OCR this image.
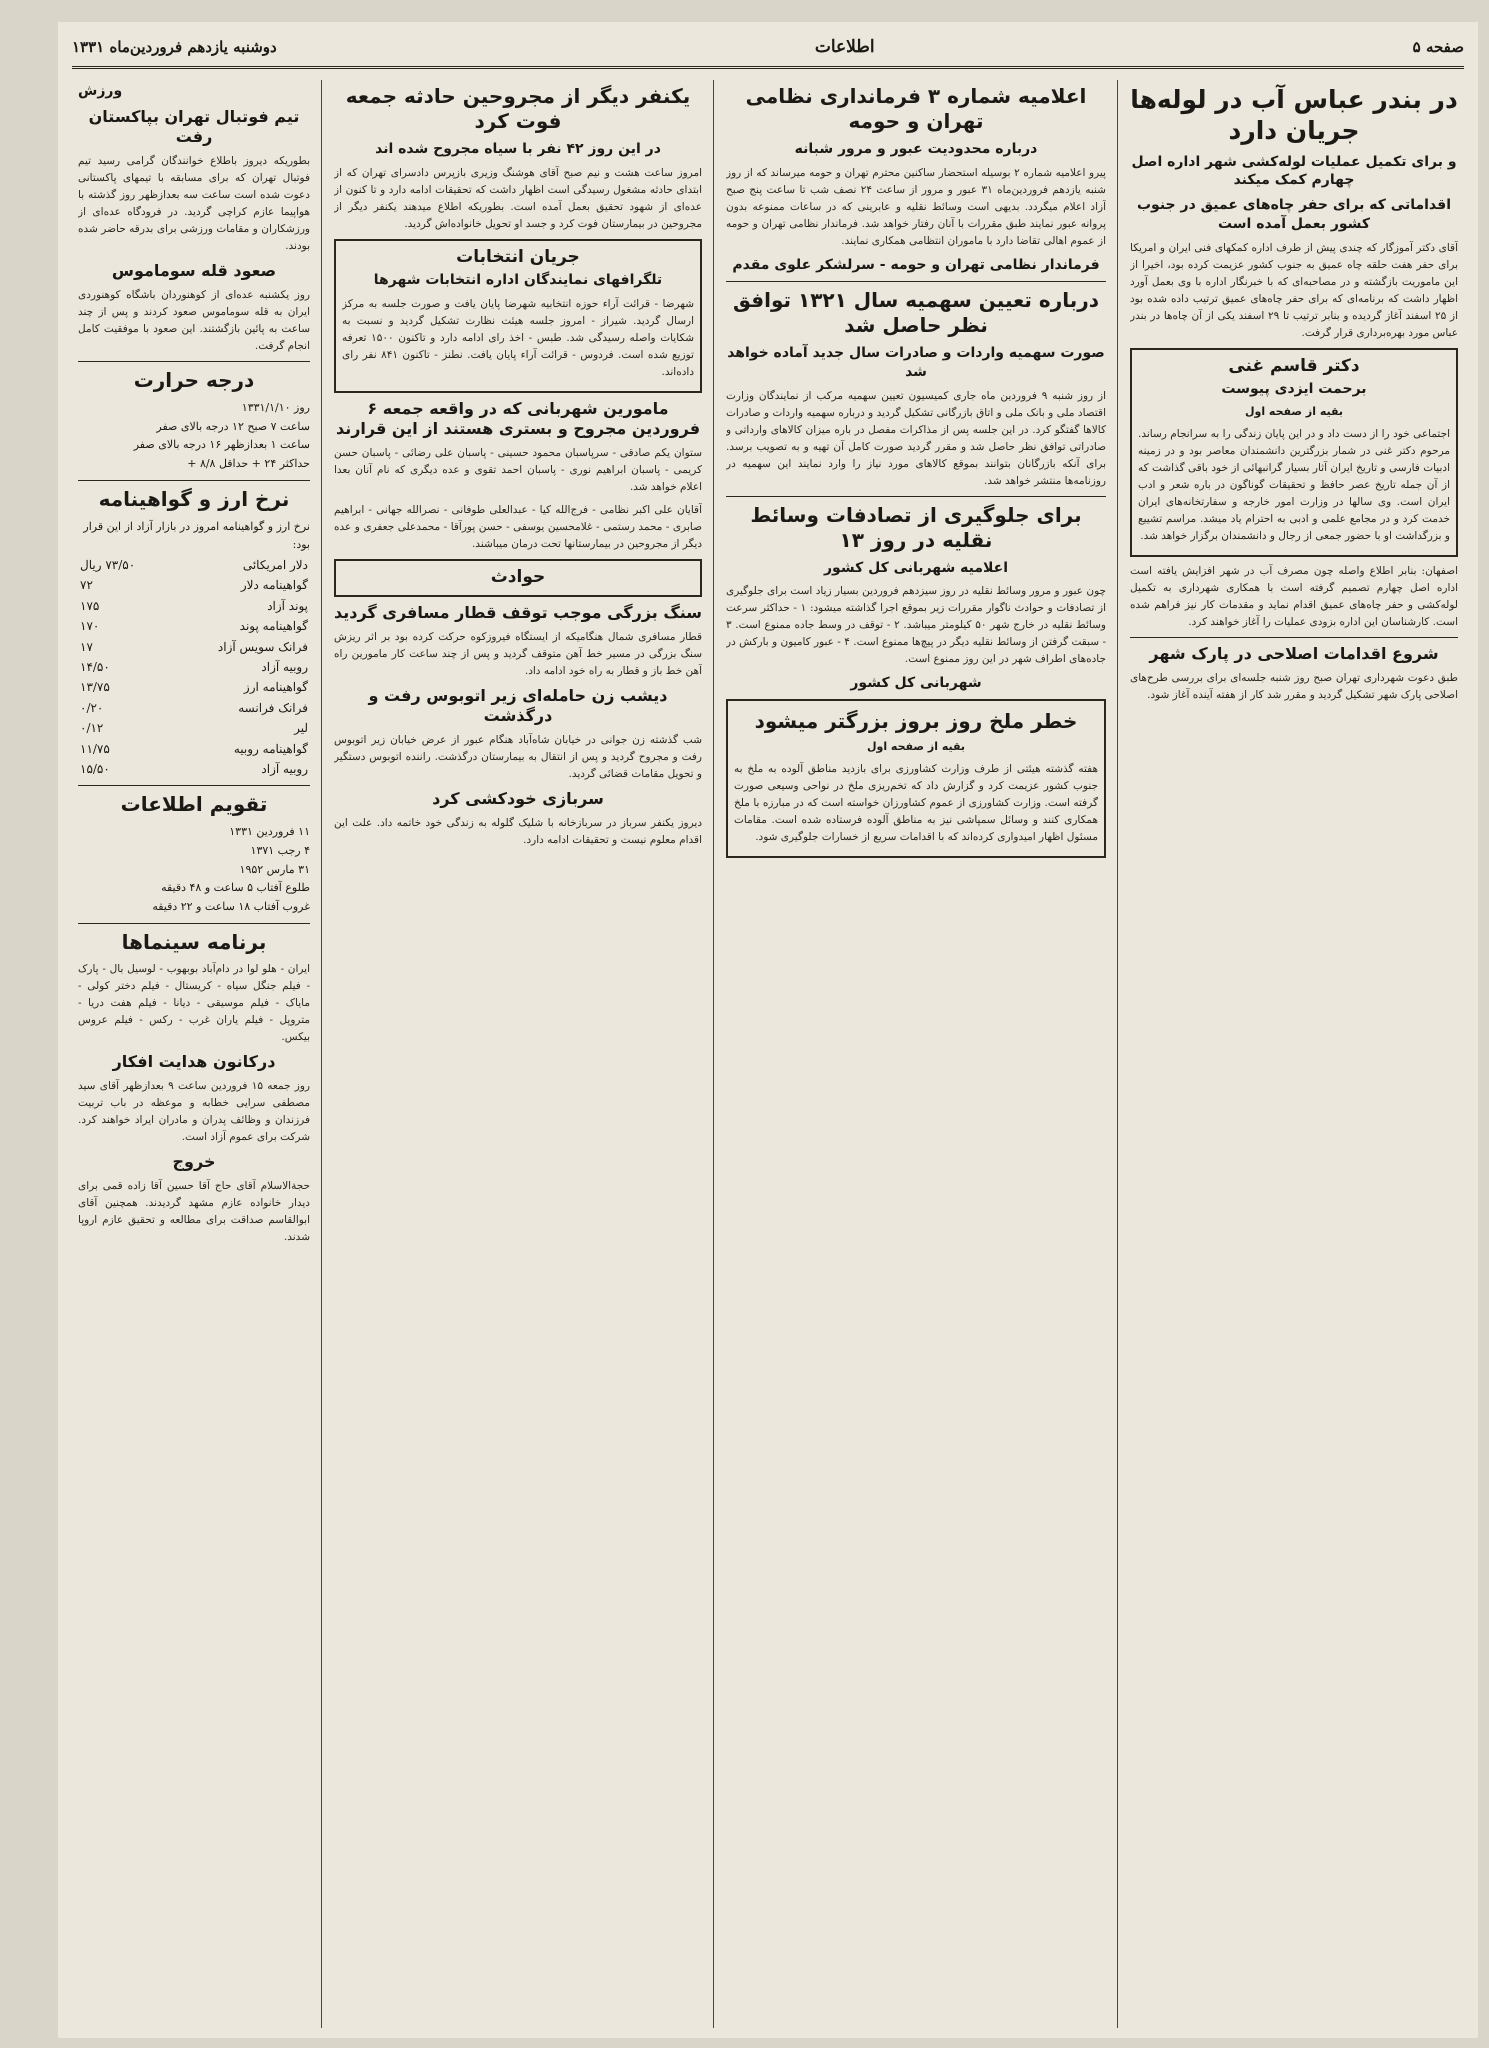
صفحه ۵
اطلاعات
دوشنبه یازدهم فروردین‌ماه ۱۳۳۱
در بندر عباس آب در لوله‌ها جریان دارد
و برای تکمیل عملیات لوله‌کشی شهر اداره اصل چهارم کمک میکند
اقداماتی که برای حفر چاه‌های عمیق در جنوب کشور بعمل آمده است

آقای دکتر آموزگار که چندی پیش از طرف اداره کمکهای فنی ایران و امریکا برای حفر هفت حلقه چاه عمیق به جنوب کشور عزیمت کرده بود، اخیرا از این ماموریت بازگشته و در مصاحبه‌ای که با خبرنگار اداره با وی بعمل آورد اظهار داشت که برنامه‌ای که برای حفر چاه‌های عمیق ترتیب داده شده بود از ۲۵ اسفند آغاز گردیده و بنابر ترتیب تا ۲۹ اسفند یکی از آن چاه‌ها در بندر عباس مورد بهره‌برداری قرار گرفت.

دکتر قاسم غنی
برحمت ایزدی پیوست
بقیه از صفحه اول

اجتماعی خود را از دست داد و در این پایان زندگی را به سرانجام رساند. مرحوم دکتر غنی در شمار بزرگترین دانشمندان معاصر بود و در زمینه ادبیات فارسی و تاریخ ایران آثار بسیار گرانبهائی از خود باقی گذاشت که از آن جمله تاریخ عصر حافظ و تحقیقات گوناگون در باره شعر و ادب ایران است. وی سالها در وزارت امور خارجه و سفارتخانه‌های ایران خدمت کرد و در مجامع علمی و ادبی به احترام یاد میشد. مراسم تشییع و بزرگداشت او با حضور جمعی از رجال و دانشمندان برگزار خواهد شد.

اصفهان: بنابر اطلاع واصله چون مصرف آب در شهر افزایش یافته است اداره اصل چهارم تصمیم گرفته است با همکاری شهرداری به تکمیل لوله‌کشی و حفر چاه‌های عمیق اقدام نماید و مقدمات کار نیز فراهم شده است. کارشناسان این اداره بزودی عملیات را آغاز خواهند کرد.

شروع اقدامات اصلاحی در پارک شهر

طبق دعوت شهرداری تهران صبح روز شنبه جلسه‌ای برای بررسی طرح‌های اصلاحی پارک شهر تشکیل گردید و مقرر شد کار از هفته آینده آغاز شود.

اعلامیه شماره ۳ فرمانداری نظامی تهران و حومه
درباره محدودیت عبور و مرور شبانه

پیرو اعلامیه شماره ۲ بوسیله استحضار ساکنین محترم تهران و حومه میرساند که از روز شنبه یازدهم فروردین‌ماه ۳۱ عبور و مرور از ساعت ۲۴ نصف شب تا ساعت پنج صبح آزاد اعلام میگردد. بدیهی است وسائط نقلیه و عابرینی که در ساعات ممنوعه بدون پروانه عبور نمایند طبق مقررات با آنان رفتار خواهد شد. فرماندار نظامی تهران و حومه از عموم اهالی تقاضا دارد با ماموران انتظامی همکاری نمایند.

فرماندار نظامی تهران و حومه - سرلشکر علوی مقدم
درباره تعیین سهمیه سال ۱۳۲۱ توافق نظر حاصل شد
صورت سهمیه واردات و صادرات سال جدید آماده خواهد شد

از روز شنبه ۹ فروردین ماه جاری کمیسیون تعیین سهمیه مرکب از نمایندگان وزارت اقتصاد ملی و بانک ملی و اتاق بازرگانی تشکیل گردید و درباره سهمیه واردات و صادرات کالاها گفتگو کرد. در این جلسه پس از مذاکرات مفصل در باره میزان کالاهای وارداتی و صادراتی توافق نظر حاصل شد و مقرر گردید صورت کامل آن تهیه و به تصویب برسد. برای آنکه بازرگانان بتوانند بموقع کالاهای مورد نیاز را وارد نمایند این سهمیه در روزنامه‌ها منتشر خواهد شد.

برای جلوگیری از تصادفات وسائط نقلیه در روز ۱۳
اعلامیه شهربانی کل کشور

چون عبور و مرور وسائط نقلیه در روز سیزدهم فروردین بسیار زیاد است برای جلوگیری از تصادفات و حوادث ناگوار مقررات زیر بموقع اجرا گذاشته میشود: ۱ - حداکثر سرعت وسائط نقلیه در خارج شهر ۵۰ کیلومتر میباشد. ۲ - توقف در وسط جاده ممنوع است. ۳ - سبقت گرفتن از وسائط نقلیه دیگر در پیچ‌ها ممنوع است. ۴ - عبور کامیون و بارکش در جاده‌های اطراف شهر در این روز ممنوع است.

شهربانی کل کشور
خطر ملخ روز بروز بزرگتر میشود
بقیه از صفحه اول

هفته گذشته هیئتی از طرف وزارت کشاورزی برای بازدید مناطق آلوده به ملخ به جنوب کشور عزیمت کرد و گزارش داد که تخم‌ریزی ملخ در نواحی وسیعی صورت گرفته است. وزارت کشاورزی از عموم کشاورزان خواسته است که در مبارزه با ملخ همکاری کنند و وسائل سمپاشی نیز به مناطق آلوده فرستاده شده است. مقامات مسئول اظهار امیدواری کرده‌اند که با اقدامات سریع از خسارات جلوگیری شود.

یکنفر دیگر از مجروحین حادثه جمعه فوت کرد
در این روز ۴۲ نفر با سیاه مجروح شده اند

امروز ساعت هشت و نیم صبح آقای هوشنگ وزیری بازپرس دادسرای تهران که از ابتدای حادثه مشغول رسیدگی است اظهار داشت که تحقیقات ادامه دارد و تا کنون از عده‌ای از شهود تحقیق بعمل آمده است. بطوریکه اطلاع میدهند یکنفر دیگر از مجروحین در بیمارستان فوت کرد و جسد او تحویل خانواده‌اش گردید.

جریان انتخابات
تلگرافهای نمایندگان اداره انتخابات شهرها

شهرضا - قرائت آراء حوزه انتخابیه شهرضا پایان یافت و صورت جلسه به مرکز ارسال گردید. شیراز - امروز جلسه هیئت نظارت تشکیل گردید و نسبت به شکایات واصله رسیدگی شد. طبس - اخذ رای ادامه دارد و تاکنون ۱۵۰۰ تعرفه توزیع شده است. فردوس - قرائت آراء پایان یافت. نطنز - تاکنون ۸۴۱ نفر رای داده‌اند.

مامورین شهربانی که در واقعه جمعه ۶ فروردین مجروح و بستری هستند از این قرارند

ستوان یکم صادقی - سرپاسبان محمود حسینی - پاسبان علی رضائی - پاسبان حسن کریمی - پاسبان ابراهیم نوری - پاسبان احمد تقوی و عده دیگری که نام آنان بعدا اعلام خواهد شد.

آقایان علی اکبر نظامی - فرج‌الله کیا - عبدالعلی طوفانی - نصرالله جهانی - ابراهیم صابری - محمد رستمی - غلامحسین یوسفی - حسن پورآقا - محمدعلی جعفری و عده دیگر از مجروحین در بیمارستانها تحت درمان میباشند.

حوادث
سنگ بزرگی موجب توقف قطار مسافری گردید

قطار مسافری شمال هنگامیکه از ایستگاه فیروزکوه حرکت کرده بود بر اثر ریزش سنگ بزرگی در مسیر خط آهن متوقف گردید و پس از چند ساعت کار مامورین راه آهن خط باز و قطار به راه خود ادامه داد.

دیشب زن حامله‌ای زیر اتوبوس رفت و درگذشت

شب گذشته زن جوانی در خیابان شاه‌آباد هنگام عبور از عرض خیابان زیر اتوبوس رفت و مجروح گردید و پس از انتقال به بیمارستان درگذشت. راننده اتوبوس دستگیر و تحویل مقامات قضائی گردید.

سربازی خودکشی کرد

دیروز یکنفر سرباز در سربازخانه با شلیک گلوله به زندگی خود خاتمه داد. علت این اقدام معلوم نیست و تحقیقات ادامه دارد.

ورزش
تیم فوتبال تهران بپاکستان رفت

بطوریکه دیروز باطلاع خوانندگان گرامی رسید تیم فوتبال تهران که برای مسابقه با تیمهای پاکستانی دعوت شده است ساعت سه بعدازظهر روز گذشته با هواپیما عازم کراچی گردید. در فرودگاه عده‌ای از ورزشکاران و مقامات ورزشی برای بدرقه حاضر شده بودند.

صعود قله سوماموس

روز یکشنبه عده‌ای از کوهنوردان باشگاه کوهنوردی ایران به قله سوماموس صعود کردند و پس از چند ساعت به پائین بازگشتند. این صعود با موفقیت کامل انجام گرفت.

درجه حرارت
روز ۱۳۳۱/۱/۱۰
ساعت ۷ صبح ۱۲ درجه بالای صفر
ساعت ۱ بعدازظهر ۱۶ درجه بالای صفر
حداکثر ۲۴ + حداقل ۸/۸ +
نرخ ارز و گواهینامه
نرخ ارز و گواهینامه امروز در بازار آزاد از این قرار بود:
دلار امریکائی	۷۳/۵۰ ریال
گواهینامه دلار	۷۲
پوند آزاد	۱۷۵
گواهینامه پوند	۱۷۰
فرانک سویس آزاد	۱۷
روبیه آزاد	۱۴/۵۰
گواهینامه ارز	۱۳/۷۵
فرانک فرانسه	۰/۲۰
لیر	۰/۱۲
گواهینامه روبیه	۱۱/۷۵
روبیه آزاد	۱۵/۵۰
تقویم اطلاعات
۱۱ فروردین ۱۳۳۱
۴ رجب ۱۳۷۱
۳۱ مارس ۱۹۵۲
طلوع آفتاب ۵ ساعت و ۴۸ دقیقه
غروب آفتاب ۱۸ ساعت و ۲۲ دقیقه
برنامه سینماها

ایران - هلو لوا در دام‌آباد بوبهوب - لوسیل بال - پارک - فیلم جنگل سیاه - کریستال - فیلم دختر کولی - مایاک - فیلم موسیقی - دیانا - فیلم هفت دریا - متروپل - فیلم یاران غرب - رکس - فیلم عروس بیکس.

درکانون هدایت افکار

روز جمعه ۱۵ فروردین ساعت ۹ بعدازظهر آقای سید مصطفی سرایی خطابه و موعظه در باب تربیت فرزندان و وظائف پدران و مادران ایراد خواهند کرد. شرکت برای عموم آزاد است.

خروج

حجة‌الاسلام آقای حاج آقا حسین آقا زاده قمی برای دیدار خانواده عازم مشهد گردیدند. همچنین آقای ابوالقاسم صداقت برای مطالعه و تحقیق عازم اروپا شدند.
